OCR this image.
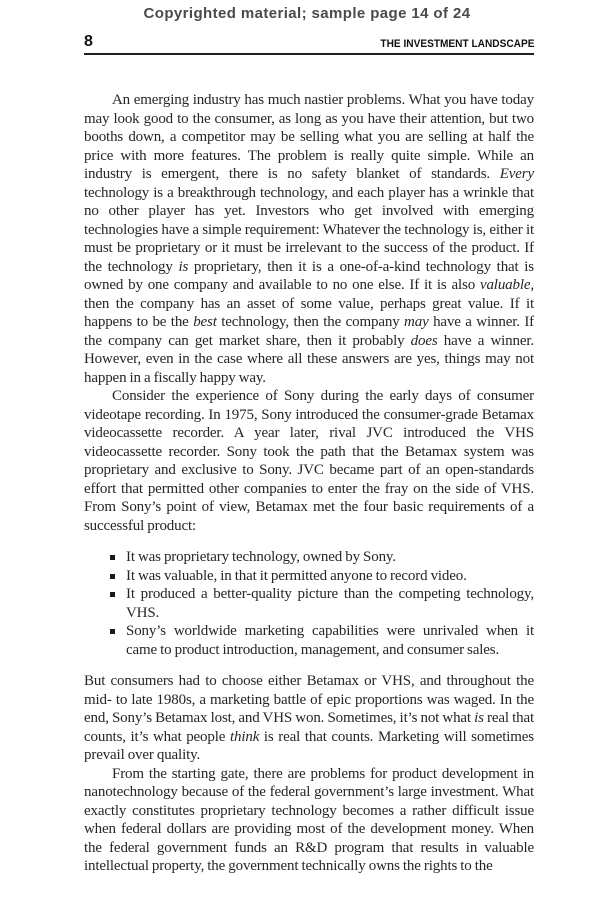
Copyrighted material; sample page 14 of 24
8	THE INVESTMENT LANDSCAPE

An emerging industry has much nastier problems. What you have today may look good to the consumer, as long as you have their attention, but two booths down, a competitor may be selling what you are selling at half the price with more features. The problem is really quite simple. While an industry is emergent, there is no safety blanket of standards. Every technology is a breakthrough technology, and each player has a wrinkle that no other player has yet. Investors who get involved with emerging technologies have a simple requirement: Whatever the technology is, either it must be proprietary or it must be irrelevant to the success of the product. If the technology is proprietary, then it is a one-of-a-kind technology that is owned by one company and available to no one else. If it is also valuable, then the company has an asset of some value, perhaps great value. If it happens to be the best technology, then the company may have a winner. If the company can get market share, then it probably does have a winner. However, even in the case where all these answers are yes, things may not happen in a fiscally happy way.

Consider the experience of Sony during the early days of consumer videotape recording. In 1975, Sony introduced the consumer-grade Betamax videocassette recorder. A year later, rival JVC introduced the VHS videocassette recorder. Sony took the path that the Betamax system was proprietary and exclusive to Sony. JVC became part of an open-standards effort that permitted other companies to enter the fray on the side of VHS. From Sony’s point of view, Betamax met the four basic requirements of a successful product:

It was proprietary technology, owned by Sony.
It was valuable, in that it permitted anyone to record video.
It produced a better-quality picture than the competing technology, VHS.
Sony’s worldwide marketing capabilities were unrivaled when it came to product introduction, management, and consumer sales.

But consumers had to choose either Betamax or VHS, and throughout the mid- to late 1980s, a marketing battle of epic proportions was waged. In the end, Sony’s Betamax lost, and VHS won. Sometimes, it’s not what is real that counts, it’s what people think is real that counts. Marketing will sometimes prevail over quality.

From the starting gate, there are problems for product development in nanotechnology because of the federal government’s large investment. What exactly constitutes proprietary technology becomes a rather difficult issue when federal dollars are providing most of the development money. When the federal government funds an R&D program that results in valuable intellectual property, the government technically owns the rights to the
